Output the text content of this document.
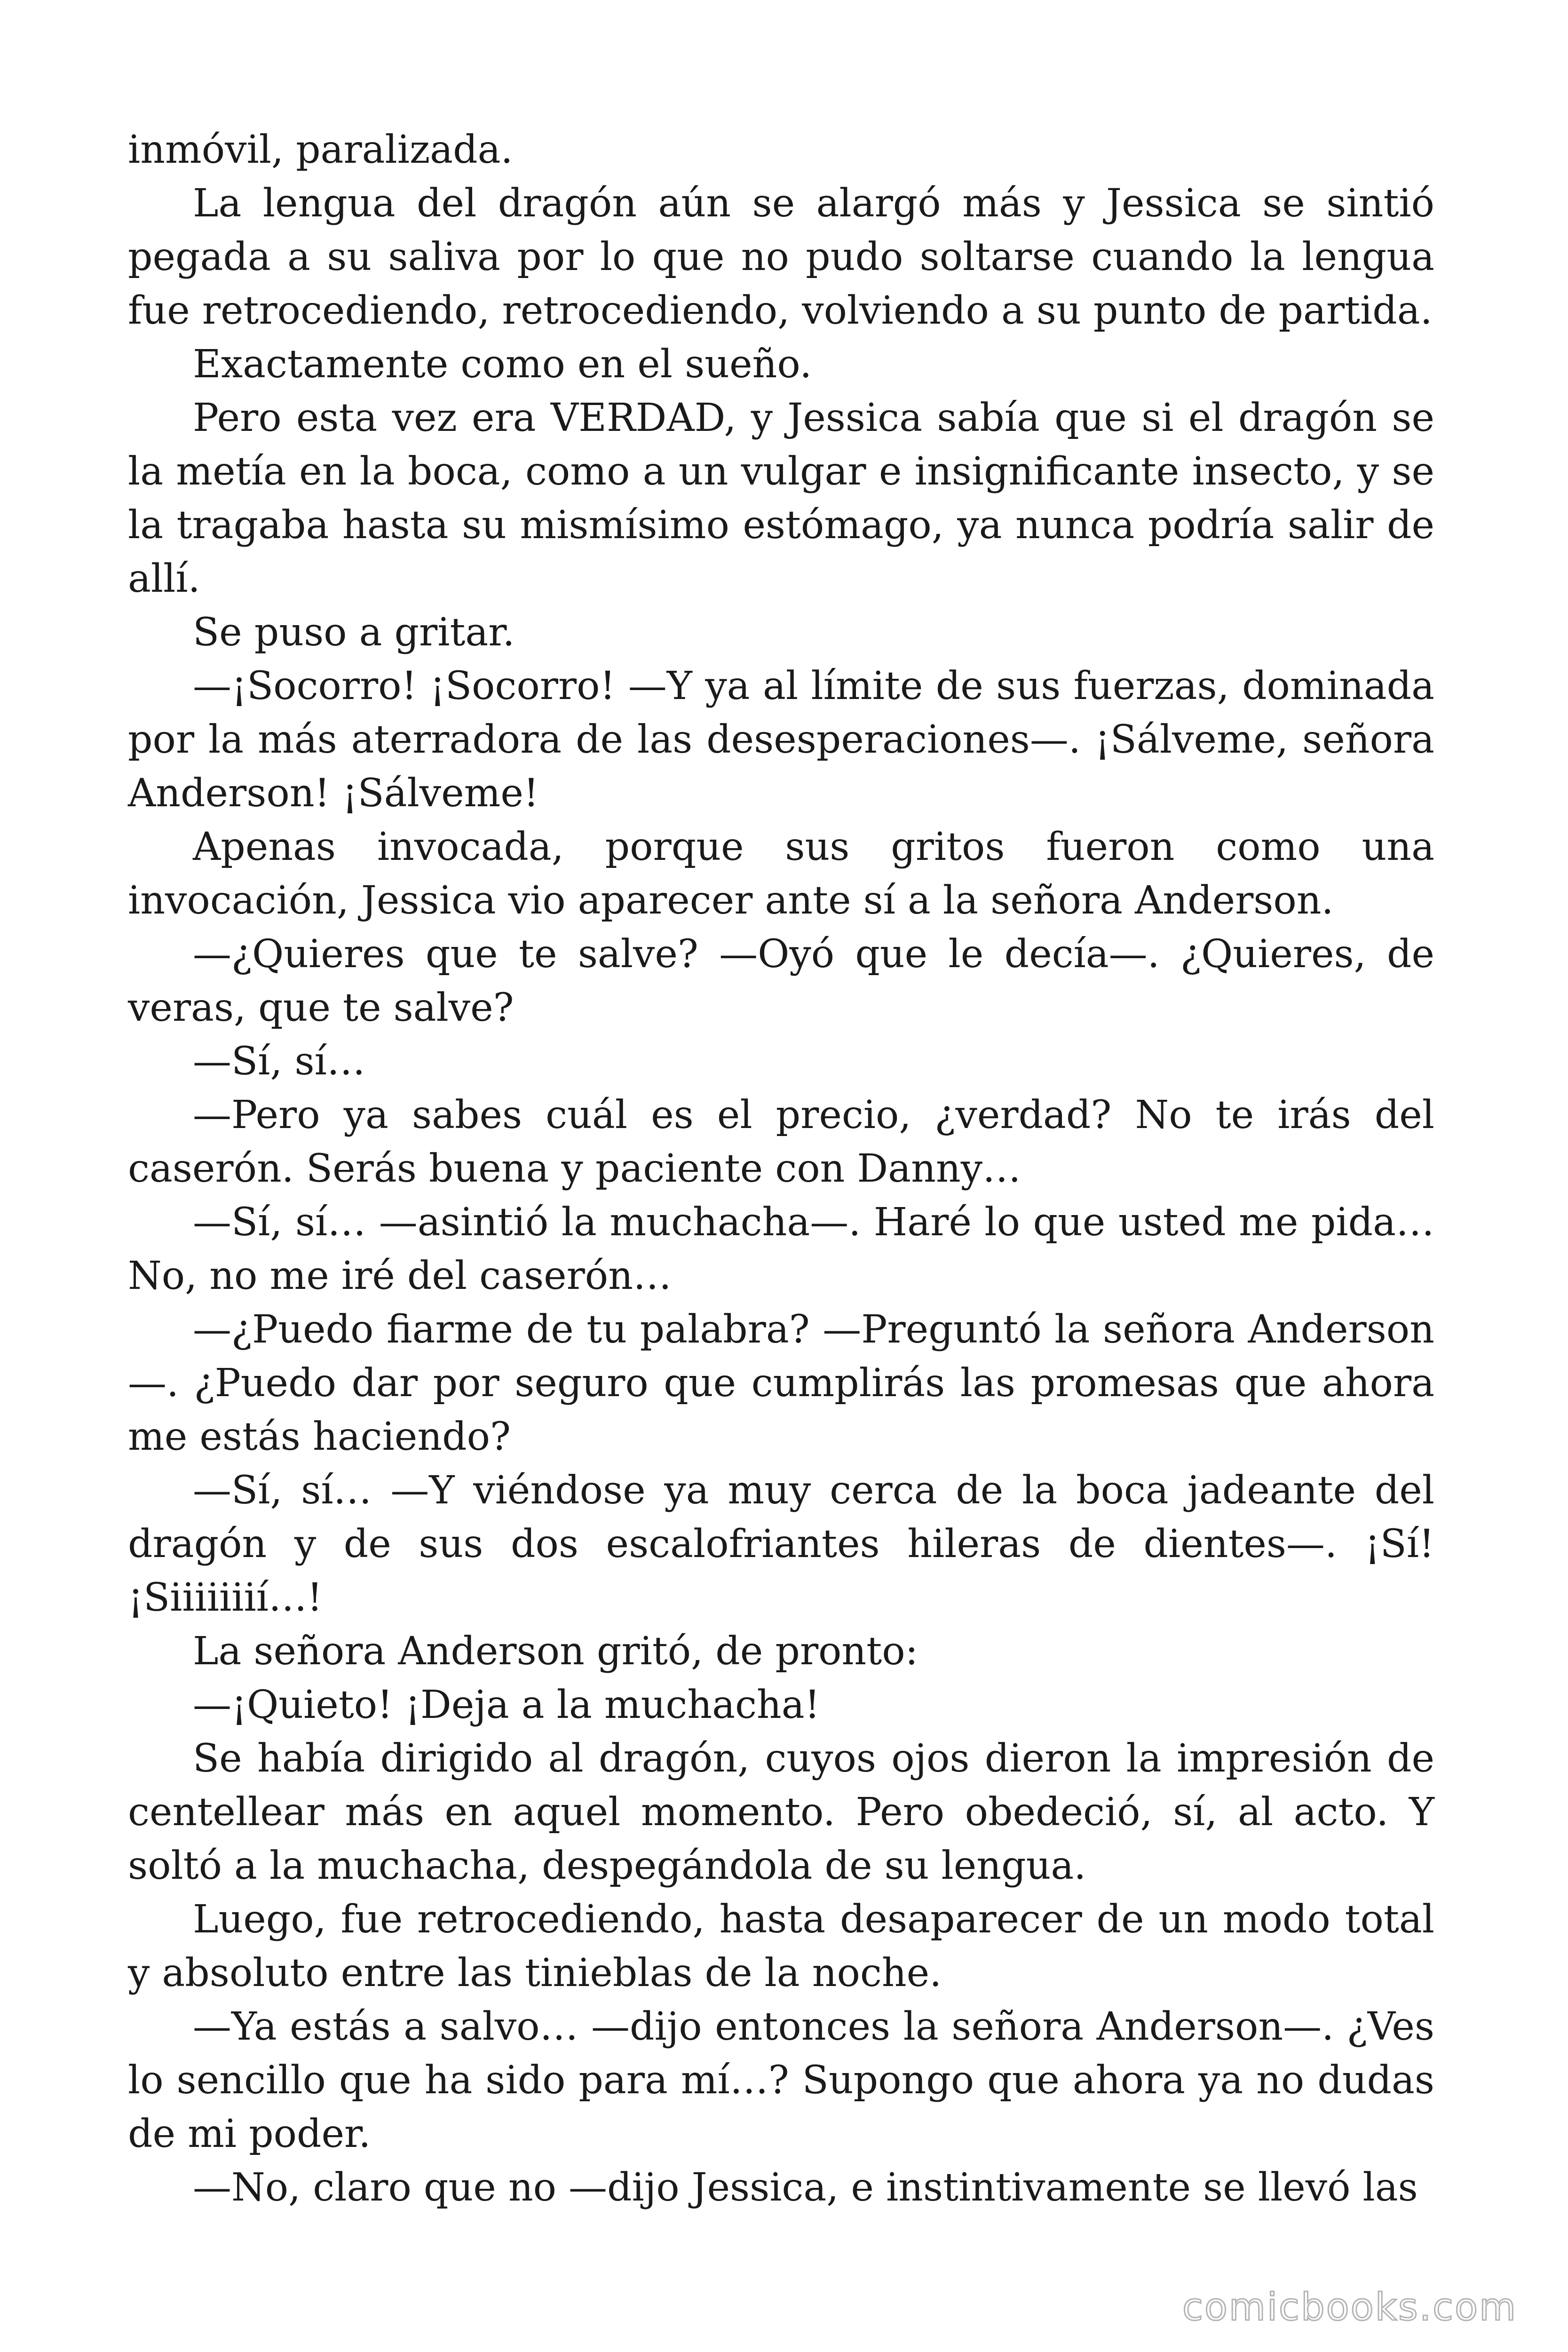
inmóvil, paralizada.

La lengua del dragón aún se alargó más y Jessica se sintió pegada a su saliva por lo que no pudo soltarse cuando la lengua fue retrocediendo, retrocediendo, volviendo a su punto de partida.

Exactamente como en el sueño.

Pero esta vez era VERDAD, y Jessica sabía que si el dragón se la metía en la boca, como a un vulgar e insignificante insecto, y se la tragaba hasta su mismísimo estómago, ya nunca podría salir de allí.

Se puso a gritar.

—¡Socorro! ¡Socorro! —Y ya al límite de sus fuerzas, dominada por la más aterradora de las desesperaciones—. ¡Sálveme, señora Anderson! ¡Sálveme!

Apenas invocada, porque sus gritos fueron como una invocación, Jessica vio aparecer ante sí a la señora Anderson.

—¿Quieres que te salve? —Oyó que le decía—. ¿Quieres, de veras, que te salve?

—Sí, sí…

—Pero ya sabes cuál es el precio, ¿verdad? No te irás del caserón. Serás buena y paciente con Danny…

—Sí, sí… —asintió la muchacha—. Haré lo que usted me pida… No, no me iré del caserón…

—¿Puedo fiarme de tu palabra? —Preguntó la señora Anderson —. ¿Puedo dar por seguro que cumplirás las promesas que ahora me estás haciendo?

—Sí, sí… —Y viéndose ya muy cerca de la boca jadeante del dragón y de sus dos escalofriantes hileras de dientes—. ¡Sí! ¡Siiiiiiií…!

La señora Anderson gritó, de pronto:

—¡Quieto! ¡Deja a la muchacha!

Se había dirigido al dragón, cuyos ojos dieron la impresión de centellear más en aquel momento. Pero obedeció, sí, al acto. Y soltó a la muchacha, despegándola de su lengua.

Luego, fue retrocediendo, hasta desaparecer de un modo total y absoluto entre las tinieblas de la noche.

—Ya estás a salvo… —dijo entonces la señora Anderson—. ¿Ves lo sencillo que ha sido para mí…? Supongo que ahora ya no dudas de mi poder.

—No, claro que no —dijo Jessica, e instintivamente se llevó las

comicbooks.com
